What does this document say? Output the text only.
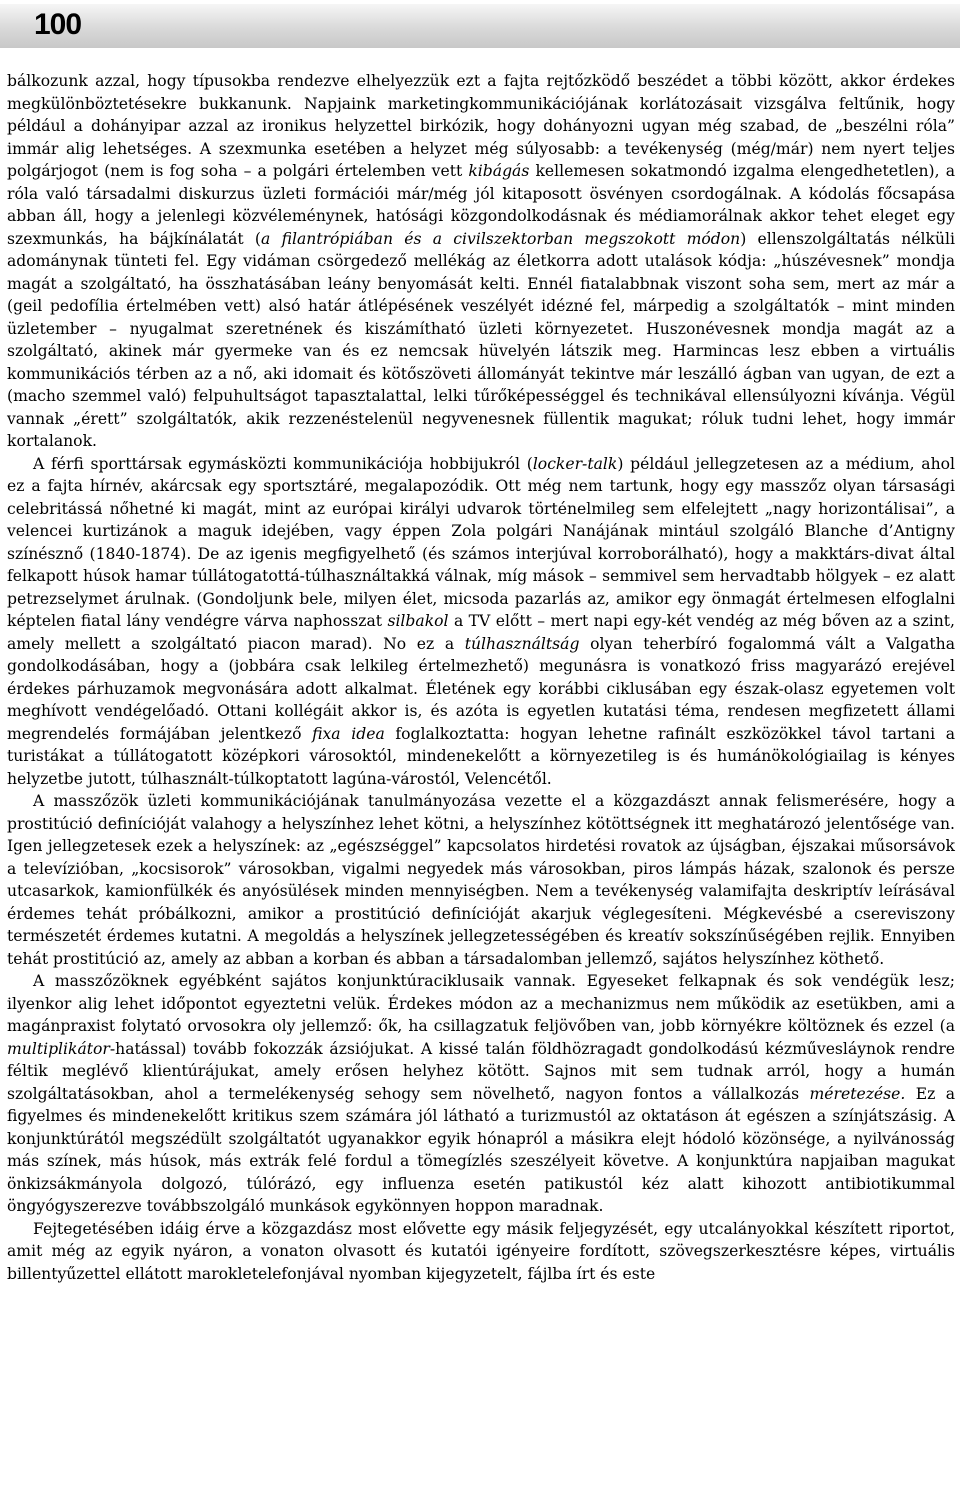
100

bálkozunk azzal, hogy típusokba rendezve elhelyezzük ezt a fajta rejtőzködő beszédet a többi között, akkor érdekes megkülönböztetésekre bukkanunk. Napjaink marketingkommunikációjának korlátozásait vizsgálva feltűnik, hogy például a dohányipar azzal az ironikus helyzettel birkózik, hogy dohányozni ugyan még szabad, de „beszélni róla” immár alig lehetséges. A szexmunka esetében a helyzet még súlyosabb: a tevékenység (még/már) nem nyert teljes polgárjogot (nem is fog soha – a polgári értelemben vett kibágás kellemesen sokatmondó izgalma elengedhetetlen), a róla való társadalmi diskurzus üzleti formációi már/még jól kitaposott ösvényen csordogálnak. A kódolás főcsapása abban áll, hogy a jelenlegi közvéleménynek, hatósági közgondolkodásnak és médiamorálnak akkor tehet eleget egy szexmunkás, ha bájkínálatát (a filantrópiában és a civilszektorban megszokott módon) ellenszolgáltatás nélküli adománynak tünteti fel. Egy vidáman csörgedező mellékág az életkorra adott utalások kódja: „húszévesnek” mondja magát a szolgáltató, ha összhatásában leány benyomását kelti. Ennél fiatalabbnak viszont soha sem, mert az már a (geil pedofília értelmében vett) alsó határ átlépésének veszélyét idézné fel, márpedig a szolgáltatók – mint minden üzletember – nyugalmat szeretnének és kiszámítható üzleti környezetet. Huszonévesnek mondja magát az a szolgáltató, akinek már gyermeke van és ez nemcsak hüvelyén látszik meg. Harmincas lesz ebben a virtuális kommunikációs térben az a nő, aki idomait és kötőszöveti állományát tekintve már leszálló ágban van ugyan, de ezt a (macho szemmel való) felpuhultságot tapasztalattal, lelki tűrőképességgel és technikával ellensúlyozni kívánja. Végül vannak „érett” szolgáltatók, akik rezzenéstelenül negyvenesnek füllentik magukat; róluk tudni lehet, hogy immár kortalanok.

A férfi sporttársak egymásközti kommunikációja hobbijukról (locker-talk) például jellegzetesen az a médium, ahol ez a fajta hírnév, akárcsak egy sportsztáré, megalapozódik. Ott még nem tartunk, hogy egy masszőz olyan társasági celebritássá nőhetné ki magát, mint az európai királyi udvarok történelmileg sem elfelejtett „nagy horizontálisai”, a velencei kurtizánok a maguk idejében, vagy éppen Zola polgári Nanájának mintául szolgáló Blanche d’Antigny színésznő (1840-1874). De az igenis megfigyelhető (és számos interjúval korroborálható), hogy a makktárs-divat által felkapott húsok hamar túllátogatottá-túlhasználtakká válnak, míg mások – semmivel sem hervadtabb hölgyek – ez alatt petrezselymet árulnak. (Gondoljunk bele, milyen élet, micsoda pazarlás az, amikor egy önmagát értelmesen elfoglalni képtelen fiatal lány vendégre várva naphosszat silbakol a TV előtt – mert napi egy-két vendég az még bőven az a szint, amely mellett a szolgáltató piacon marad). No ez a túlhasználtság olyan teherbíró fogalommá vált a Valgatha gondolkodásában, hogy a (jobbára csak lelkileg értelmezhető) megunásra is vonatkozó friss magyarázó erejével érdekes párhuzamok megvonására adott alkalmat. Életének egy korábbi ciklusában egy észak-olasz egyetemen volt meghívott vendégelőadó. Ottani kollégáit akkor is, és azóta is egyetlen kutatási téma, rendesen megfizetett állami megrendelés formájában jelentkező fixa idea foglalkoztatta: hogyan lehetne rafinált eszközökkel távol tartani a turistákat a túllátogatott középkori városoktól, mindenekelőtt a környezetileg is és humánökológiailag is kényes helyzetbe jutott, túlhasznált-túlkoptatott lagúna-várostól, Velencétől.

A masszőzök üzleti kommunikációjának tanulmányozása vezette el a közgazdászt annak felismerésére, hogy a prostitúció definícióját valahogy a helyszínhez lehet kötni, a helyszínhez kötöttségnek itt meghatározó jelentősége van. Igen jellegzetesek ezek a helyszínek: az „egészséggel” kapcsolatos hirdetési rovatok az újságban, éjszakai műsorsávok a televízióban, „kocsisorok” városokban, vigalmi negyedek más városokban, piros lámpás házak, szalonok és persze utcasarkok, kamionfülkék és anyósülések minden mennyiségben. Nem a tevékenység valamifajta deskriptív leírásával érdemes tehát próbálkozni, amikor a prostitúció definícióját akarjuk véglegesíteni. Mégkevésbé a csereviszony természetét érdemes kutatni. A megoldás a helyszínek jellegzetességében és kreatív sokszínűségében rejlik. Ennyiben tehát prostitúció az, amely az abban a korban és abban a társadalomban jellemző, sajátos helyszínhez köthető.

A masszőzöknek egyébként sajátos konjunktúraciklusaik vannak. Egyeseket felkapnak és sok vendégük lesz; ilyenkor alig lehet időpontot egyeztetni velük. Érdekes módon az a mechanizmus nem működik az esetükben, ami a magánpraxist folytató orvosokra oly jellemző: ők, ha csillagzatuk feljövőben van, jobb környékre költöznek és ezzel (a multiplikátor-hatással) tovább fokozzák ázsiójukat. A kissé talán földhözragadt gondolkodású kézművesláynok rendre féltik meglévő klientúrájukat, amely erősen helyhez kötött. Sajnos mit sem tudnak arról, hogy a humán szolgáltatásokban, ahol a termelékenység sehogy sem növelhető, nagyon fontos a vállalkozás méretezése. Ez a figyelmes és mindenekelőtt kritikus szem számára jól látható a turizmustól az oktatáson át egészen a színjátszásig. A konjunktúrától megszédült szolgáltatót ugyanakkor egyik hónapról a másikra elejt hódoló közönsége, a nyilvánosság más színek, más húsok, más extrák felé fordul a tömegízlés szeszélyeit követve. A konjunktúra napjaiban magukat önkizsákmányola dolgozó, túlórázó, egy influenza esetén patikustól kéz alatt kihozott antibiotikummal öngyógyszerezve továbbszolgáló munkások egykönnyen hoppon maradnak.

Fejtegetésében idáig érve a közgazdász most elővette egy másik feljegyzését, egy utcalányokkal készített riportot, amit még az egyik nyáron, a vonaton olvasott és kutatói igényeire fordított, szövegszerkesztésre képes, virtuális billentyűzettel ellátott marokletelefonjával nyomban kijegyzetelt, fájlba írt és este
